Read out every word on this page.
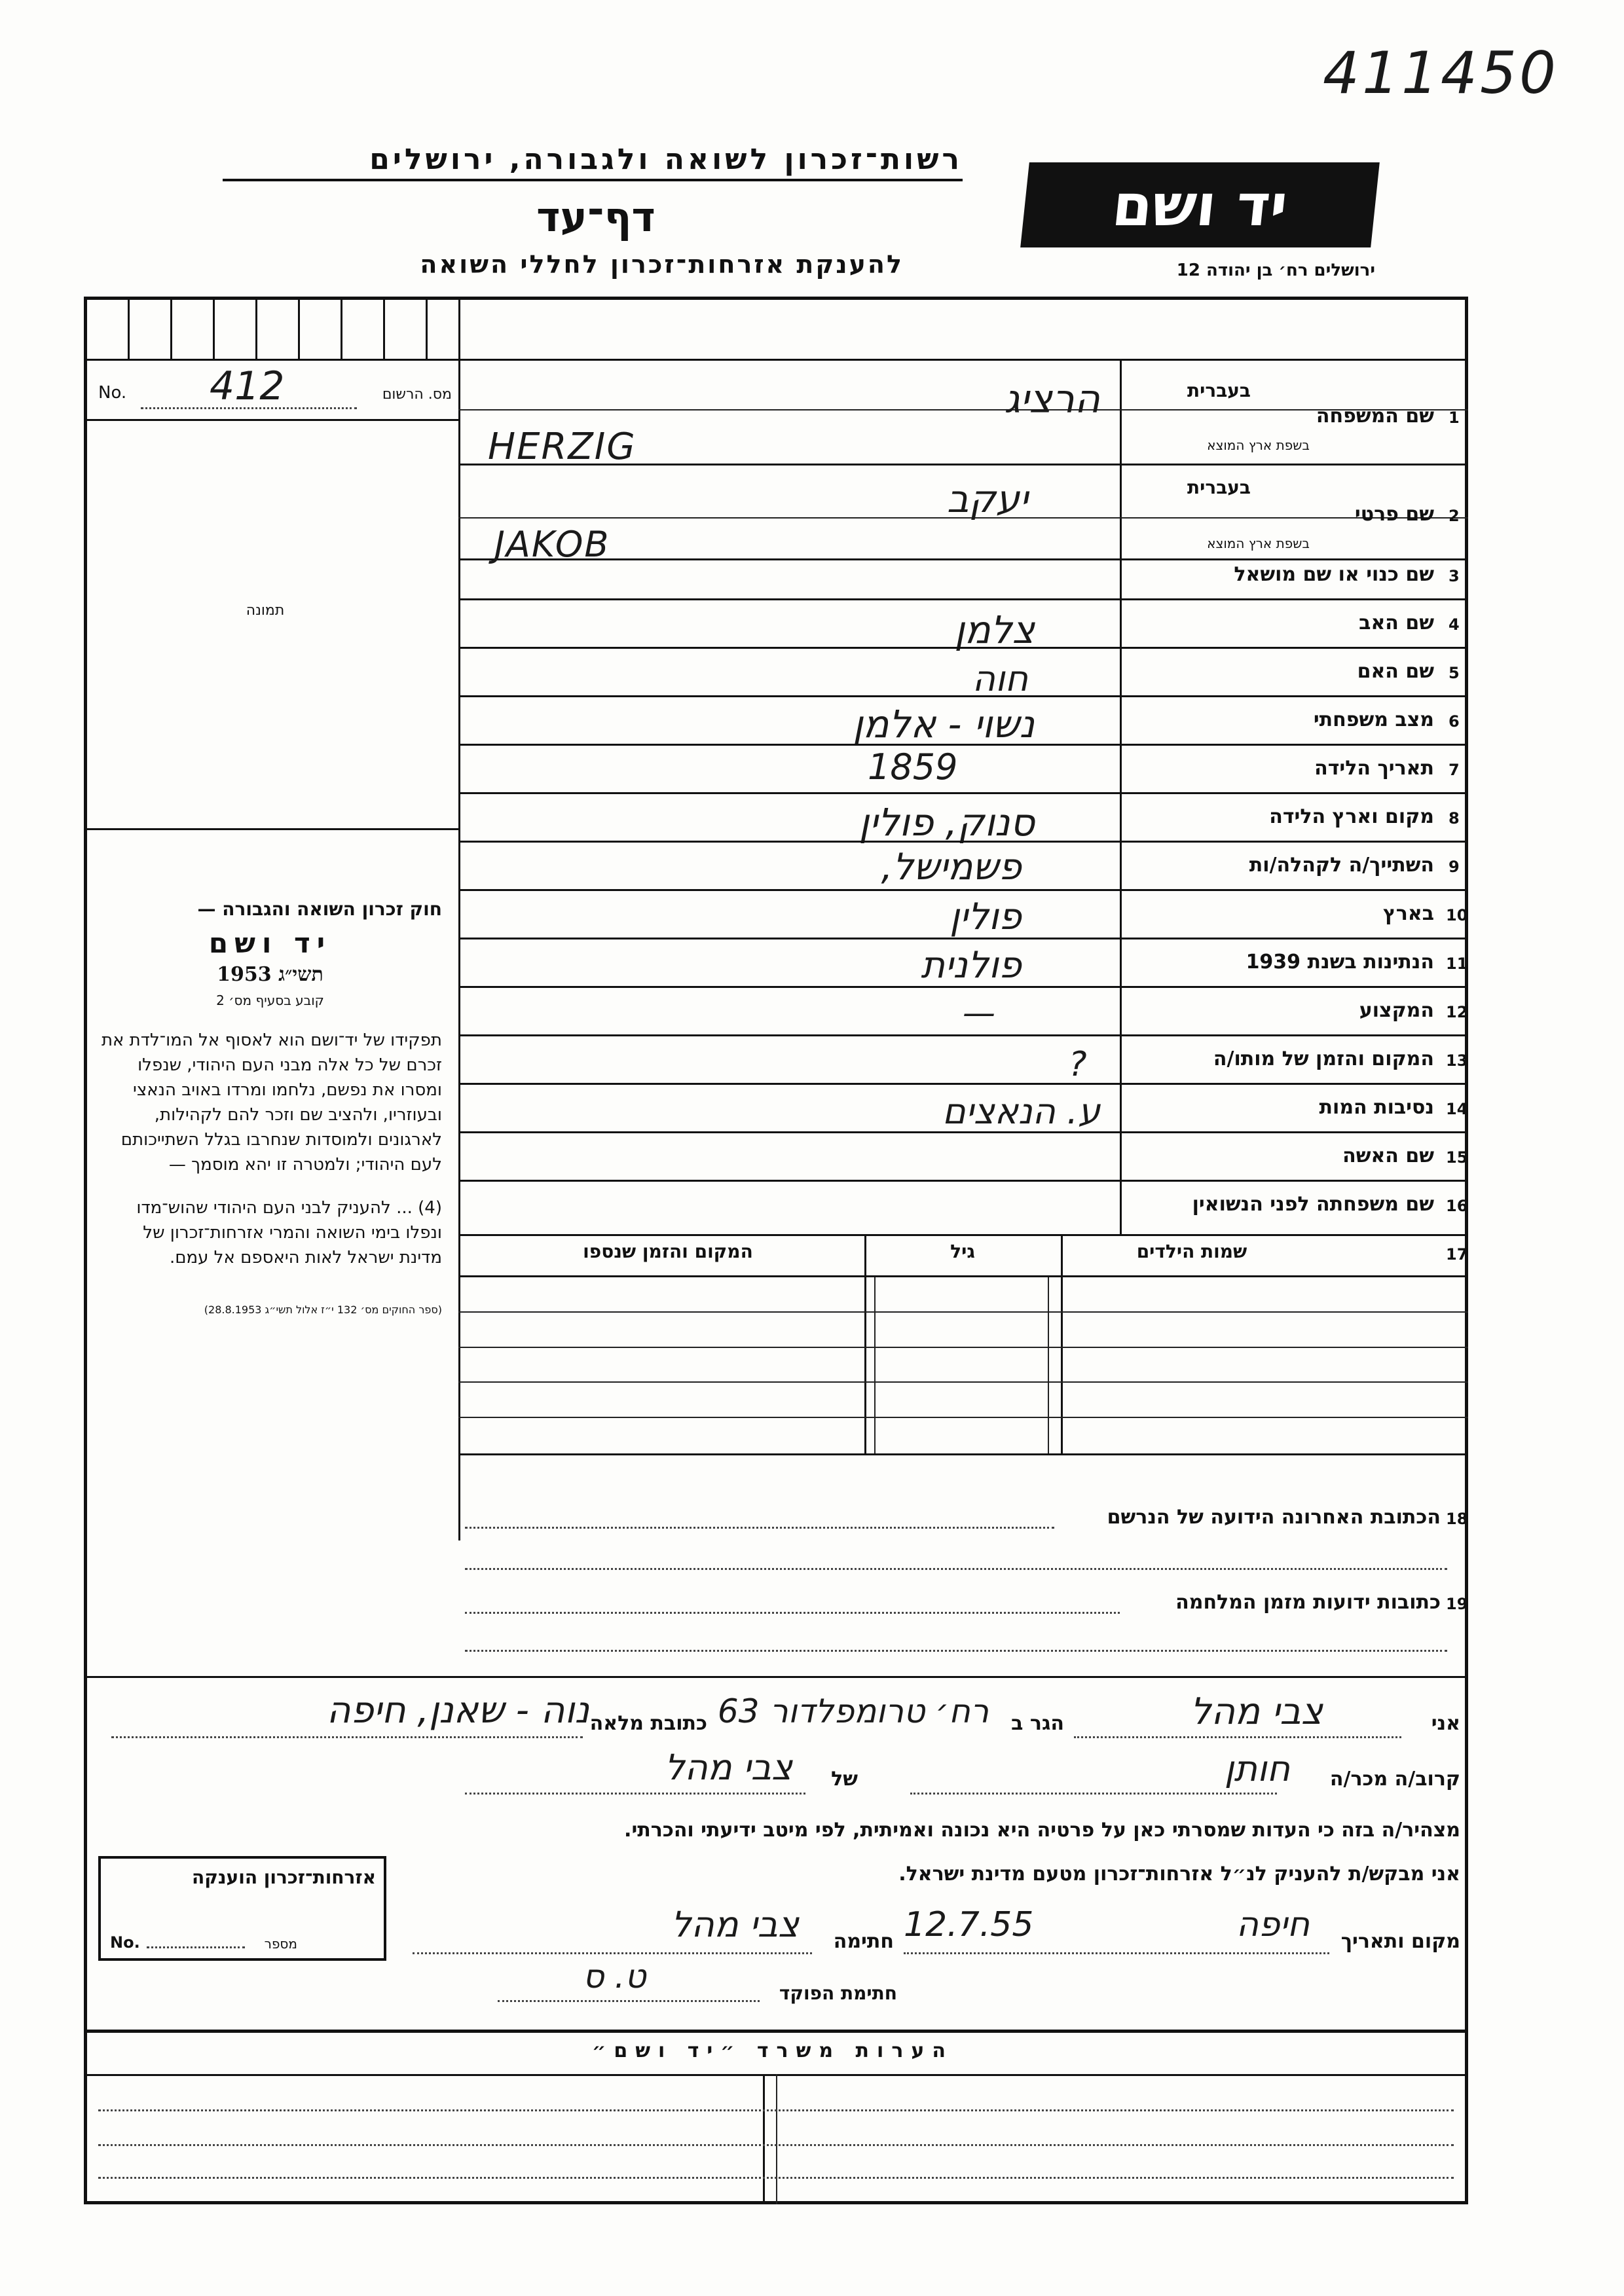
411450
רשות־זכרון לשואה ולגבורה, ירושלים
דף־עד
להענקת אזרחות־זכרון לחללי השואה
יד ושם
ירושלים רח׳ בן יהודה 12
No. 412	מס. הרשום
תמונה
חוק זכרון השואה והגבורה —
יד ושם
תשי״ג 1953
קובע בסעיף מס׳ 2
תפקידו של יד־ושם הוא לאסוף אל המו־לדת את זכרם של כל אלה מבני העם היהודי, שנפלו ומסרו את נפשם, נלחמו ומרדו באויב הנאצי ובעוזריו, ולהציב שם וזכר להם לקהילות, לארגונים ולמוסדות שנחרבו בגלל השתייכותם לעם היהודי; ולמטרה זו יהא מוסמך —
(4) ... להעניק לבני העם היהודי שהוש־מדו ונפלו בימי השואה והמרי אזרחות־זכרון של מדינת ישראל לאות היאספם אל עמם.
(ספר החוקים מס׳ 132 י״ז אלול תשי״ג 28.8.1953)
בעברית
שם המשפחה 1
בשפת ארץ המוצא
הרציג
HERZIG
בעברית
שם פרטי 2
בשפת ארץ המוצא
יעקב
JAKOB
שם כנוי או שם מושאל 3
שם האב 4
צלמן
שם האם 5
חוה
מצב משפחתי 6
נשוי - אלמן
תאריך הלידה 7
1859
מקום וארץ הלידה 8
סנוק, פולין
השתייך/ה לקהלה/ות 9
פשמישל,
בארץ 10
פולין
הנתינות בשנת 1939 11
פולנית
המקצוע 12
—
המקום והזמן של מותו/ה 13
?
נסיבות המות 14
ע. הנאצים
שם האשה 15
שם משפחתה לפני הנשואין 16
שמות הילדים	17
גיל
המקום והזמן שנספו
הכתובת האחרונה הידועה של הנרשם 18
כתובות ידועות מזמן המלחמה 19
אני
צבי מהל
הגר ב
רח׳ טרומפלדור 63
כתובת מלאה
נוה - שאנן, חיפה
קרוב/ה מכר/ה
חותן
של
צבי מהל
מצהיר/ה בזה כי העדות שמסרתי כאן על פרטיה היא נכונה ואמיתית, לפי מיטב ידיעתי והכרתי.
אני מבקש/ת להעניק לנ״ל אזרחות־זכרון מטעם מדינת ישראל.
אזרחות־זכרון הוענקה
No.	מספר	מקום ותאריך
חיפה
12.7.55
חתימה
צבי מהל
חתימת הפוקד
ט. ס
הערות משרד ״יד ושם״
